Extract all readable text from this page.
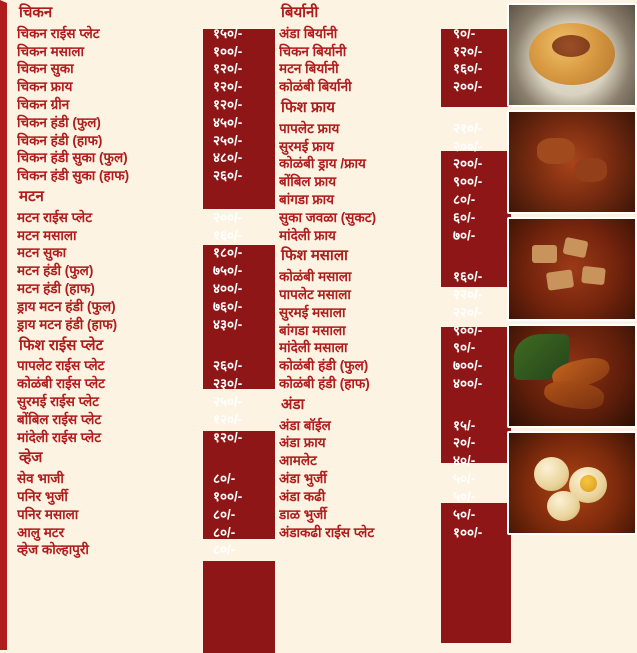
चिकन
चिकन राईस प्लेट	१५०/-
चिकन मसाला	१००/-
चिकन सुका	१२०/-
चिकन फ्राय	१२०/-
चिकन ग्रीन	१२०/-
चिकन हंडी (फुल)	४५०/-
चिकन हंडी (हाफ)	२५०/-
चिकन हंडी सुका (फुल)	४८०/-
चिकन हंडी सुका (हाफ)	२६०/-
मटन
मटन राईस प्लेट	२००/-
मटन मसाला	१६०/-
मटन सुका	१८०/-
मटन हंडी (फुल)	७५०/-
मटन हंडी (हाफ)	४००/-
ड्राय मटन हंडी (फुल)	७६०/-
ड्राय मटन हंडी (हाफ)	४३०/-
फिश राईस प्लेट
पापलेट राईस प्लेट	२६०/-
कोळंबी राईस प्लेट	२३०/-
सुरमई राईस प्लेट	२५०/-
बोंबिल राईस प्लेट	१२०/-
मांदेली राईस प्लेट	१२०/-
व्हेज
सेव भाजी	८०/-
पनिर भुर्जी	१००/-
पनिर मसाला	८०/-
आलु मटर	८०/-
व्हेज कोल्हापुरी	८०/-
बिर्यानी
अंडा बिर्यानी	९०/-
चिकन बिर्यानी	१२०/-
मटन बिर्यानी	१६०/-
कोळंबी बिर्यानी	२००/-
फिश फ्राय
पापलेट फ्राय	२१०/-
सुरमई फ्राय	२००/-
कोळंबी ड्राय /फ्राय	२००/-
बोंबिल फ्राय	९००/-
बांगडा फ्राय	८०/-
सुका जवळा (सुकट)	६०/-
मांदेली फ्राय	७०/-
फिश मसाला
कोळंबी मसाला	१६०/-
पापलेट मसाला	२२०/-
सुरमई मसाला	२२०/-
बांगडा मसाला	९००/-
मांदेली मसाला	९०/-
कोळंबी हंडी (फुल)	७००/-
कोळंबी हंडी (हाफ)	४००/-
अंडा
अंडा बॉईल	१५/-
अंडा फ्राय	२०/-
आमलेट	४०/-
अंडा भुर्जी	५०/-
अंडा कढी	५०/-
डाळ भुर्जी	५०/-
अंडाकढी राईस प्लेट	१००/-
